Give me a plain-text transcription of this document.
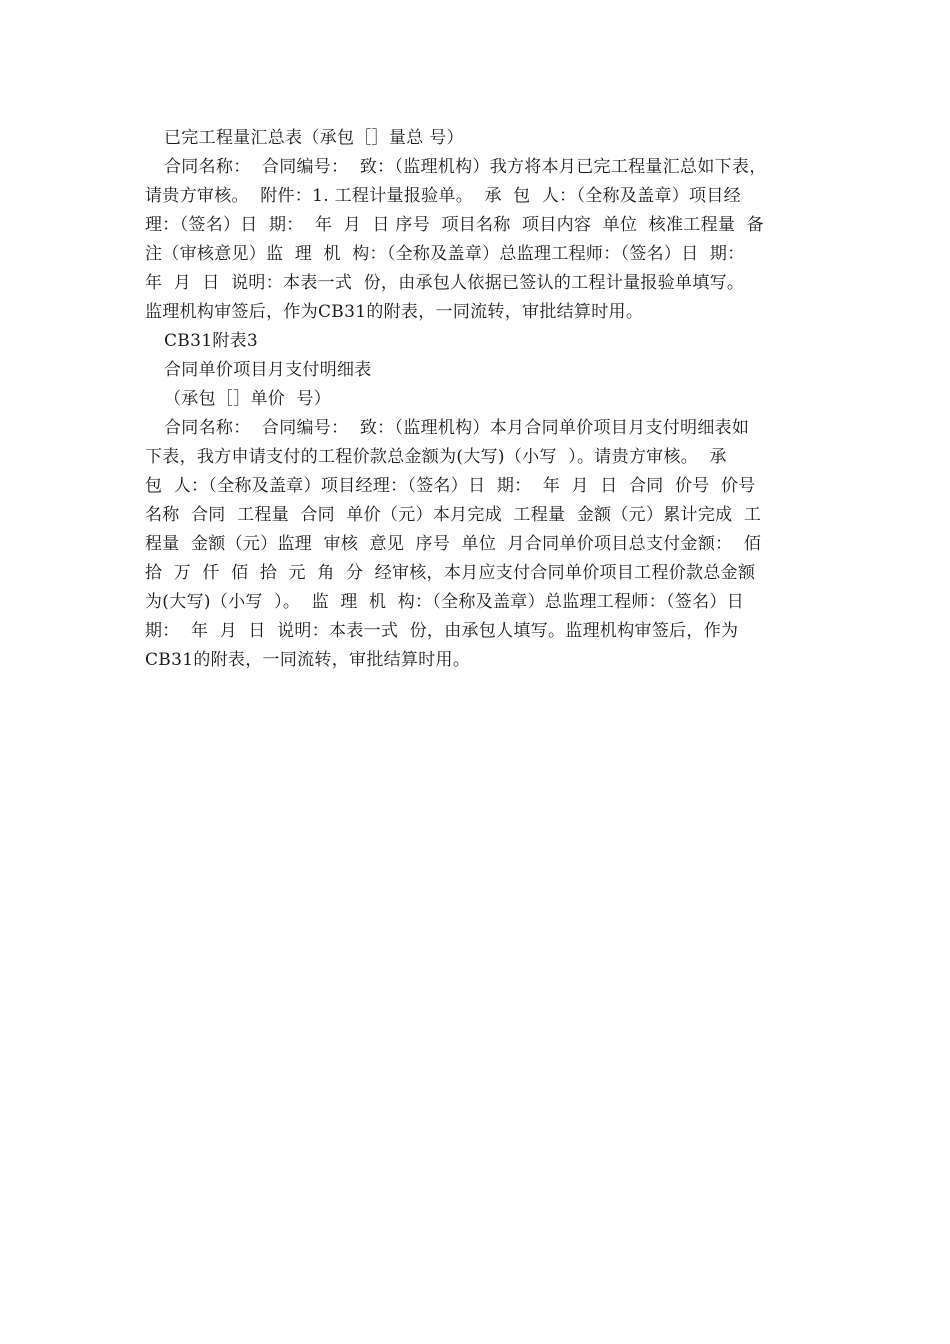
已完工程量汇总表（承包［］量总 号）
合同名称：  合同编号：  致：（监理机构）我方将本月已完工程量汇总如下表，
请贵方审核。  附件：1. 工程计量报验单。  承  包  人：（全称及盖章）项目经
理：（签名）日  期：  年  月  日 序号  项目名称  项目内容  单位  核准工程量  备
注（审核意见）监  理  机  构：（全称及盖章）总监理工程师：（签名）日  期：
年  月  日  说明：本表一式  份，由承包人依据已签认的工程计量报验单填写。
监理机构审签后，作为CB31的附表，一同流转，审批结算时用。
CB31附表3
合同单价项目月支付明细表
（承包［］单价  号）
合同名称：  合同编号：  致：（监理机构）本月合同单价项目月支付明细表如
下表，我方申请支付的工程价款总金额为(大写)（小写  ）。请贵方审核。  承
包  人：（全称及盖章）项目经理：（签名）日  期：  年  月  日  合同  价号  价号
名称  合同  工程量  合同  单价（元）本月完成  工程量  金额（元）累计完成  工
程量  金额（元）监理  审核  意见  序号  单位  月合同单价项目总支付金额：  佰
拾  万  仟  佰  拾  元  角  分  经审核，本月应支付合同单价项目工程价款总金额
为(大写)（小写  ）。  监  理  机  构：（全称及盖章）总监理工程师：（签名）日
期：  年  月  日  说明：本表一式  份，由承包人填写。监理机构审签后，作为
CB31的附表，一同流转，审批结算时用。
